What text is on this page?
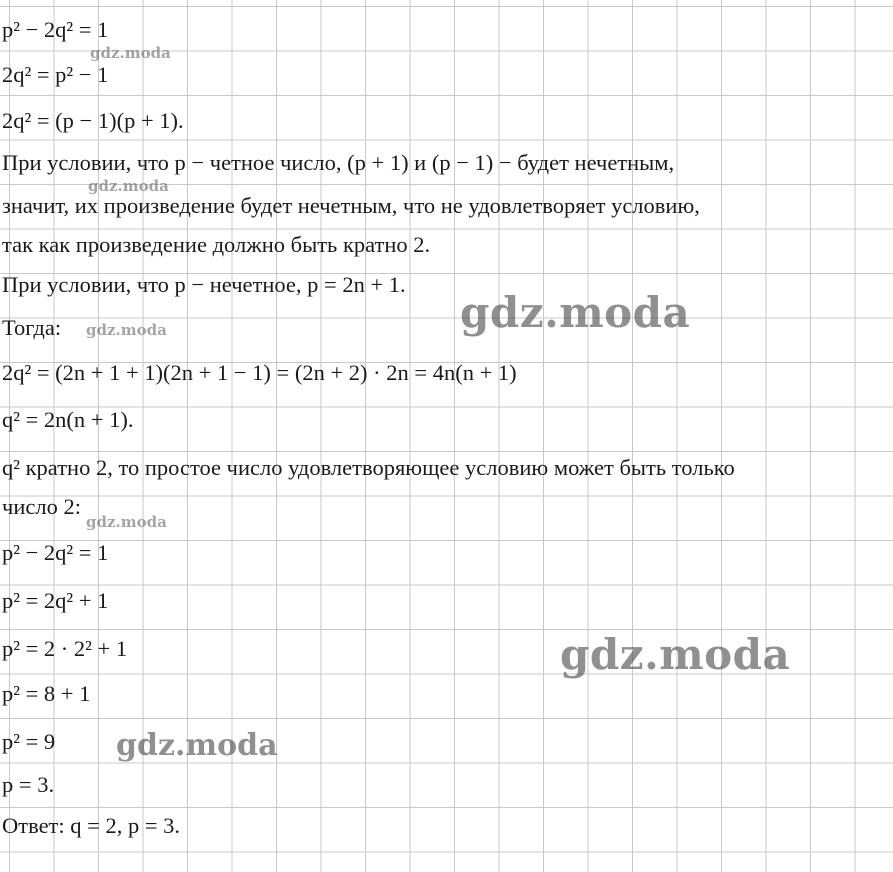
p² − 2q² = 1
2q² = p² − 1
2q² = (p − 1)(p + 1).
При условии, что p − четное число, (p + 1) и (p − 1) − будет нечетным,
значит, их произведение будет нечетным, что не удовлетворяет условию,
так как произведение должно быть кратно 2.
При условии, что p − нечетное, p = 2n + 1.
Тогда:
2q² = (2n + 1 + 1)(2n + 1 − 1) = (2n + 2) · 2n = 4n(n + 1)
q² = 2n(n + 1).
q² кратно 2, то простое число удовлетворяющее условию может быть только
число 2:
p² − 2q² = 1
p² = 2q² + 1
p² = 2 · 2² + 1
p² = 8 + 1
p² = 9
p = 3.
Ответ: q = 2, p = 3.
gdz.moda
gdz.moda
gdz.moda
gdz.moda
gdz.moda
gdz.moda
gdz.moda
